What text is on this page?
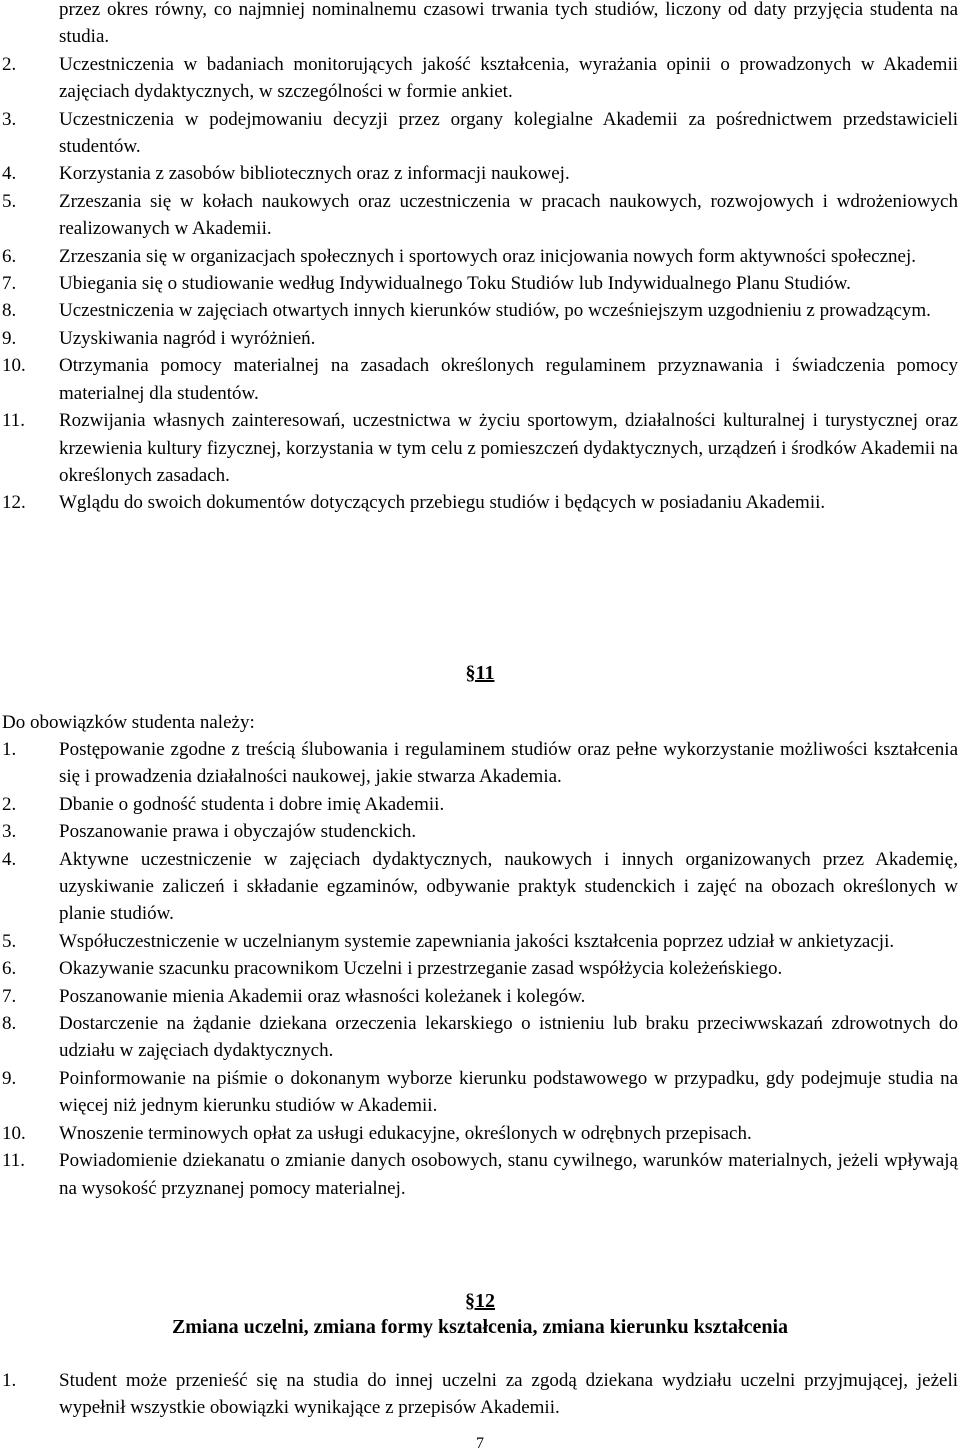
przez okres równy, co najmniej nominalnemu czasowi trwania tych studiów, liczony od daty przyjęcia studenta na studia.
2. Uczestniczenia w badaniach monitorujących jakość kształcenia, wyrażania opinii o prowadzonych w Akademii zajęciach dydaktycznych, w szczególności w formie ankiet.
3. Uczestniczenia w podejmowaniu decyzji przez organy kolegialne Akademii za pośrednictwem przedstawicieli studentów.
4. Korzystania z zasobów bibliotecznych oraz z informacji naukowej.
5. Zrzeszania się w kołach naukowych oraz uczestniczenia w pracach naukowych, rozwojowych i wdrożeniowych realizowanych w Akademii.
6. Zrzeszania się w organizacjach społecznych i sportowych oraz inicjowania nowych form aktywności społecznej.
7. Ubiegania się o studiowanie według Indywidualnego Toku Studiów lub Indywidualnego Planu Studiów.
8. Uczestniczenia w zajęciach otwartych innych kierunków studiów, po wcześniejszym uzgodnieniu z prowadzącym.
9. Uzyskiwania nagród i wyróżnień.
10. Otrzymania pomocy materialnej na zasadach określonych regulaminem przyznawania i świadczenia pomocy materialnej dla studentów.
11. Rozwijania własnych zainteresowań, uczestnictwa w życiu sportowym, działalności kulturalnej i turystycznej oraz krzewienia kultury fizycznej, korzystania w tym celu z pomieszczeń dydaktycznych, urządzeń i środków Akademii na określonych zasadach.
12. Wglądu do swoich dokumentów dotyczących przebiegu studiów i będących w posiadaniu Akademii.
§11
Do obowiązków studenta należy:
1. Postępowanie zgodne z treścią ślubowania i regulaminem studiów oraz pełne wykorzystanie możliwości kształcenia się i prowadzenia działalności naukowej, jakie stwarza Akademia.
2. Dbanie o godność studenta i dobre imię Akademii.
3. Poszanowanie prawa i obyczajów studenckich.
4. Aktywne uczestniczenie w zajęciach dydaktycznych, naukowych i innych organizowanych przez Akademię, uzyskiwanie zaliczeń i składanie egzaminów, odbywanie praktyk studenckich i zajęć na obozach określonych w planie studiów.
5. Współuczestniczenie w uczelnianym systemie zapewniania jakości kształcenia poprzez udział w ankietyzacji.
6. Okazywanie szacunku pracownikom Uczelni i przestrzeganie zasad współżycia koleżeńskiego.
7. Poszanowanie mienia Akademii oraz własności koleżanek i kolegów.
8. Dostarczenie na żądanie dziekana orzeczenia lekarskiego o istnieniu lub braku przeciwwskazań zdrowotnych do udziału w zajęciach dydaktycznych.
9. Poinformowanie na piśmie o dokonanym wyborze kierunku podstawowego w przypadku, gdy podejmuje studia na więcej niż jednym kierunku studiów w Akademii.
10. Wnoszenie terminowych opłat za usługi edukacyjne, określonych w odrębnych przepisach.
11. Powiadomienie dziekanatu o zmianie danych osobowych, stanu cywilnego, warunków materialnych, jeżeli wpływają na wysokość przyznanej pomocy materialnej.
§12
Zmiana uczelni, zmiana formy kształcenia, zmiana kierunku kształcenia
1. Student może przenieść się na studia do innej uczelni za zgodą dziekana wydziału uczelni przyjmującej, jeżeli wypełnił wszystkie obowiązki wynikające z przepisów Akademii.
7
